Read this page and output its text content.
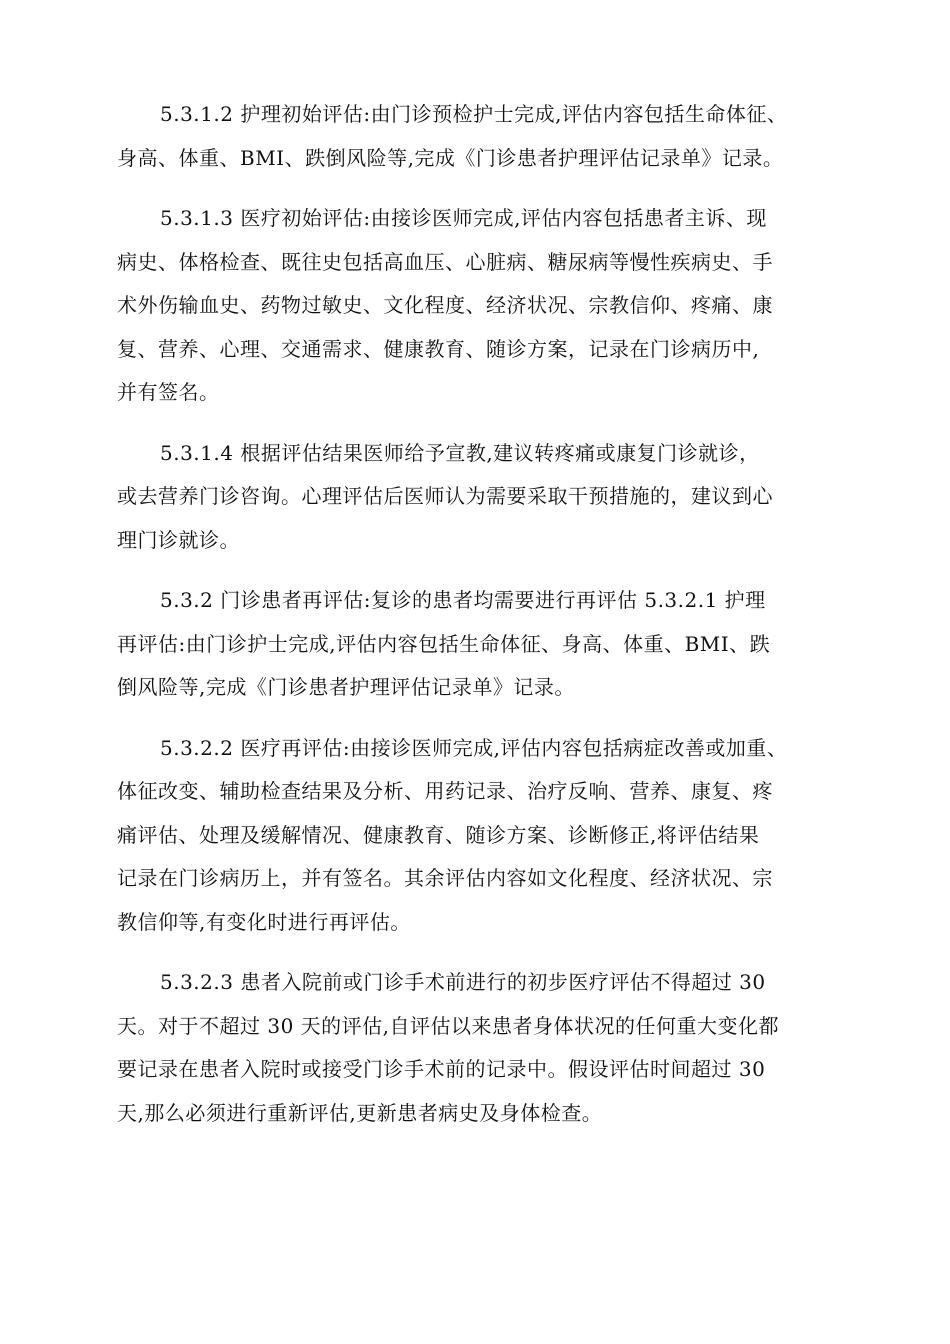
5.3.1.2 护理初始评估:由门诊预检护士完成,评估内容包括生命体征、
身高、体重、BMI、跌倒风险等,完成《门诊患者护理评估记录单》记录。

5.3.1.3 医疗初始评估:由接诊医师完成,评估内容包括患者主诉、现
病史、体格检查、既往史包括高血压、心脏病、糖尿病等慢性疾病史、手
术外伤输血史、药物过敏史、文化程度、经济状况、宗教信仰、疼痛、康
复、营养、心理、交通需求、健康教育、随诊方案，记录在门诊病历中,
并有签名。

5.3.1.4 根据评估结果医师给予宣教,建议转疼痛或康复门诊就诊，
或去营养门诊咨询。心理评估后医师认为需要采取干预措施的，建议到心
理门诊就诊。

5.3.2 门诊患者再评估:复诊的患者均需要进行再评估 5.3.2.1 护理
再评估:由门诊护士完成,评估内容包括生命体征、身高、体重、BMI、跌
倒风险等,完成《门诊患者护理评估记录单》记录。

5.3.2.2 医疗再评估:由接诊医师完成,评估内容包括病症改善或加重、
体征改变、辅助检查结果及分析、用药记录、治疗反响、营养、康复、疼
痛评估、处理及缓解情况、健康教育、随诊方案、诊断修正,将评估结果
记录在门诊病历上，并有签名。其余评估内容如文化程度、经济状况、宗
教信仰等,有变化时进行再评估。

5.3.2.3 患者入院前或门诊手术前进行的初步医疗评估不得超过 30
天。对于不超过 30 天的评估,自评估以来患者身体状况的任何重大变化都
要记录在患者入院时或接受门诊手术前的记录中。假设评估时间超过 30
天,那么必须进行重新评估,更新患者病史及身体检查。
